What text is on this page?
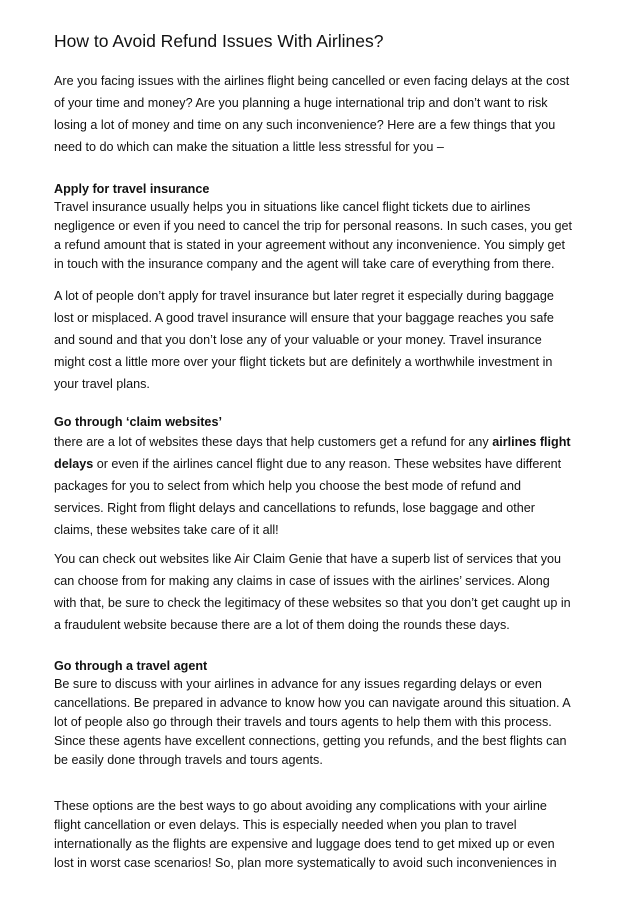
How to Avoid Refund Issues With Airlines?

Are you facing issues with the airlines flight being cancelled or even facing delays at the cost
of your time and money? Are you planning a huge international trip and don’t want to risk
losing a lot of money and time on any such inconvenience? Here are a few things that you
need to do which can make the situation a little less stressful for you –

Apply for travel insurance

Travel insurance usually helps you in situations like cancel flight tickets due to airlines
negligence or even if you need to cancel the trip for personal reasons. In such cases, you get
a refund amount that is stated in your agreement without any inconvenience. You simply get
in touch with the insurance company and the agent will take care of everything from there.

A lot of people don’t apply for travel insurance but later regret it especially during baggage
lost or misplaced. A good travel insurance will ensure that your baggage reaches you safe
and sound and that you don’t lose any of your valuable or your money. Travel insurance
might cost a little more over your flight tickets but are definitely a worthwhile investment in
your travel plans.

Go through ‘claim websites’

there are a lot of websites these days that help customers get a refund for any airlines flight
delays or even if the airlines cancel flight due to any reason. These websites have different
packages for you to select from which help you choose the best mode of refund and
services. Right from flight delays and cancellations to refunds, lose baggage and other
claims, these websites take care of it all!

You can check out websites like Air Claim Genie that have a superb list of services that you
can choose from for making any claims in case of issues with the airlines’ services. Along
with that, be sure to check the legitimacy of these websites so that you don’t get caught up in
a fraudulent website because there are a lot of them doing the rounds these days.

Go through a travel agent

Be sure to discuss with your airlines in advance for any issues regarding delays or even
cancellations. Be prepared in advance to know how you can navigate around this situation. A
lot of people also go through their travels and tours agents to help them with this process.
Since these agents have excellent connections, getting you refunds, and the best flights can
be easily done through travels and tours agents.

These options are the best ways to go about avoiding any complications with your airline
flight cancellation or even delays. This is especially needed when you plan to travel
internationally as the flights are expensive and luggage does tend to get mixed up or even
lost in worst case scenarios! So, plan more systematically to avoid such inconveniences in
